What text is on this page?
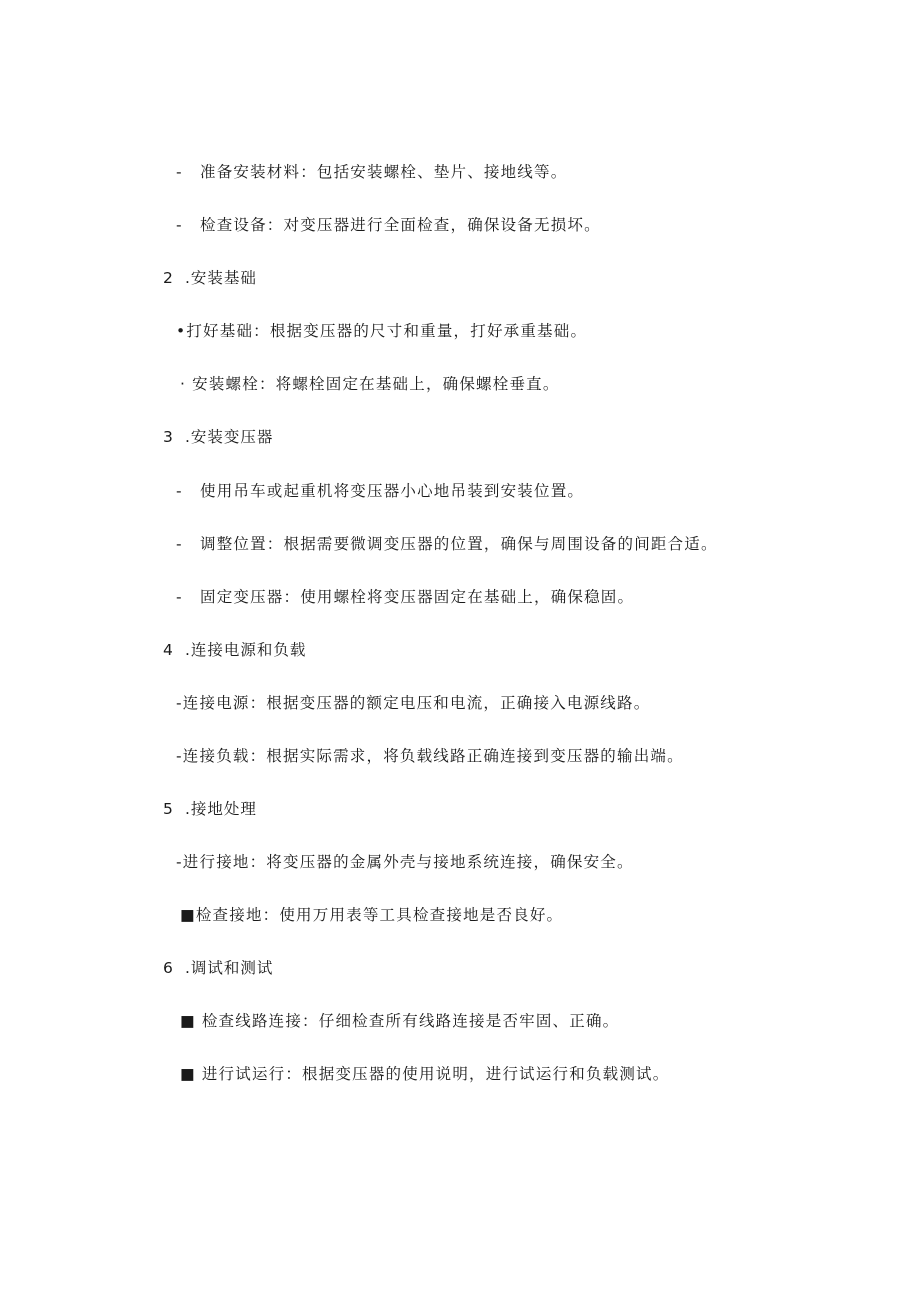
- 准备安装材料：包括安装螺栓、垫片、接地线等。
- 检查设备：对变压器进行全面检查，确保设备无损坏。
2 .安装基础
•打好基础：根据变压器的尺寸和重量，打好承重基础。
· 安装螺栓：将螺栓固定在基础上，确保螺栓垂直。
3 .安装变压器
- 使用吊车或起重机将变压器小心地吊装到安装位置。
- 调整位置：根据需要微调变压器的位置，确保与周围设备的间距合适。
- 固定变压器：使用螺栓将变压器固定在基础上，确保稳固。
4 .连接电源和负载
-连接电源：根据变压器的额定电压和电流，正确接入电源线路。
-连接负载：根据实际需求，将负载线路正确连接到变压器的输出端。
5 .接地处理
-进行接地：将变压器的金属外壳与接地系统连接，确保安全。
■检查接地：使用万用表等工具检查接地是否良好。
6 .调试和测试
■ 检查线路连接：仔细检查所有线路连接是否牢固、正确。
■ 进行试运行：根据变压器的使用说明，进行试运行和负载测试。
